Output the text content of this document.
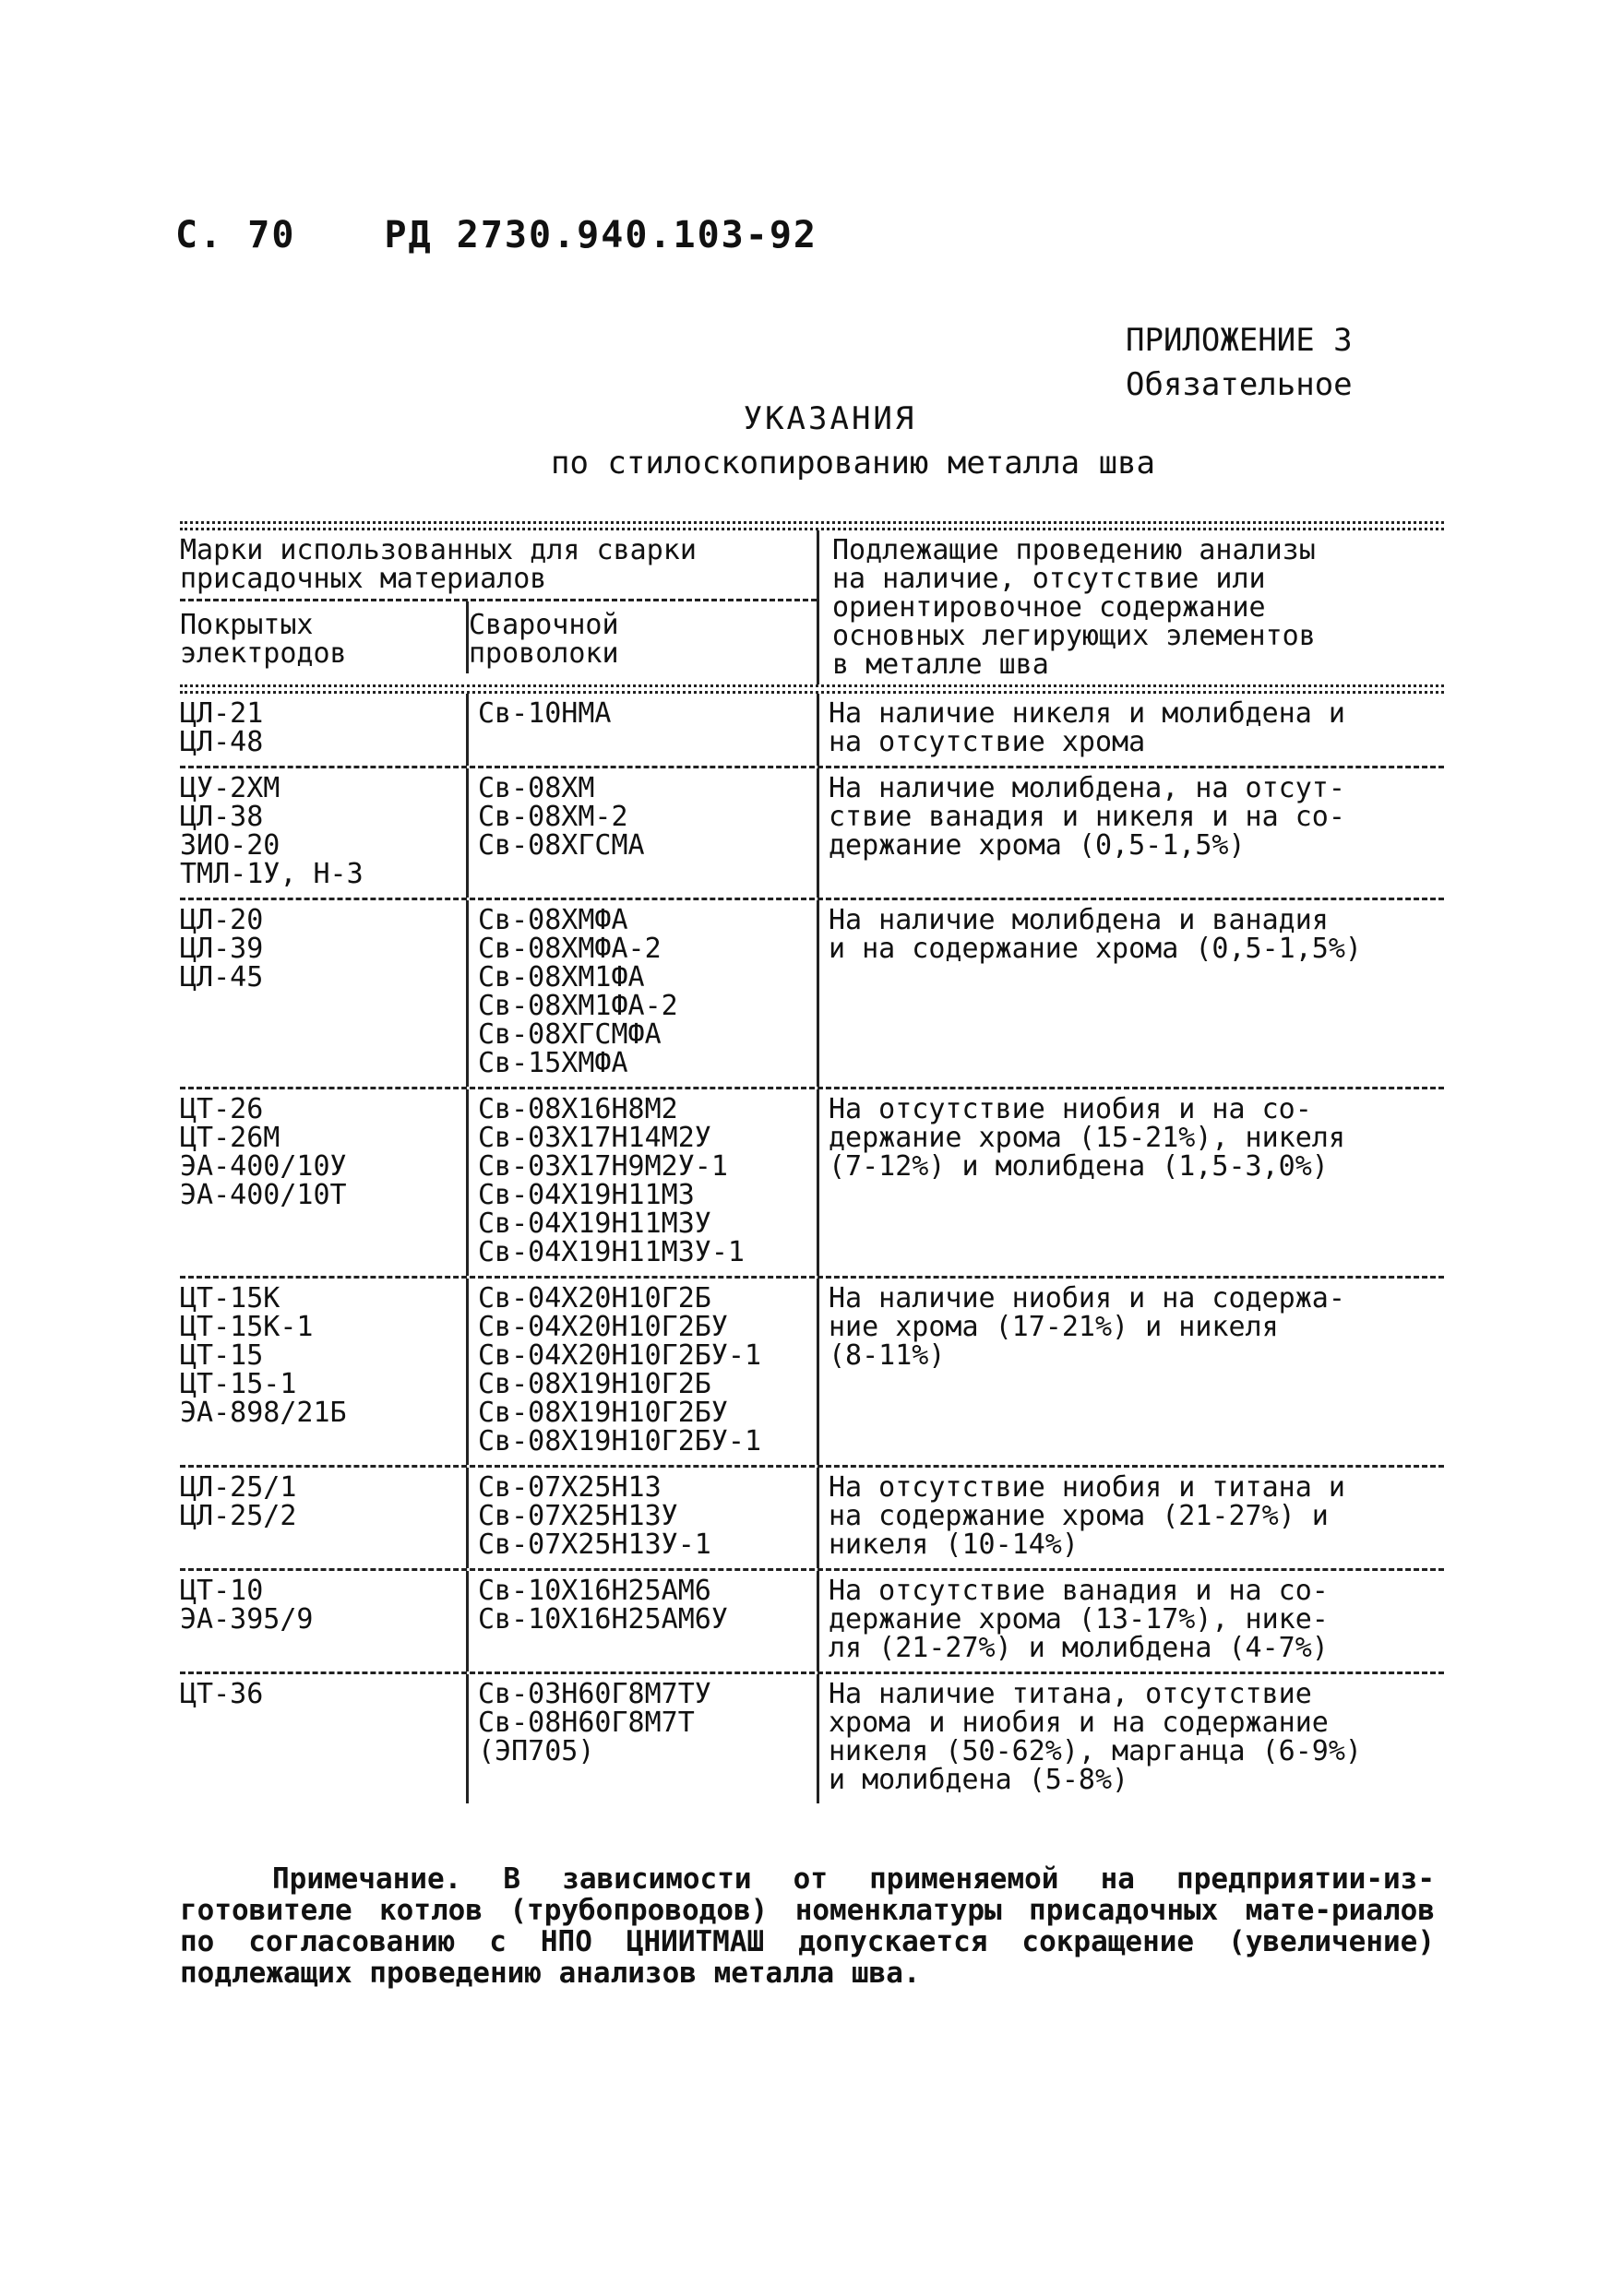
С. 70 РД 2730.940.103-92
ПРИЛОЖЕНИЕ 3
Обязательное
УКАЗАНИЯ
по стилоскопированию металла шва
Марки использованных для сварки
присадочных материалов
Покрытых
электродов
Сварочной
проволоки
Подлежащие проведению анализы
на наличие, отсутствие или
ориентировочное содержание
основных легирующих элементов
в металле шва
ЦЛ-21
ЦЛ-48
Св-10НМА	На наличие никеля и молибдена и
на отсутствие хрома
ЦУ-2ХМ
ЦЛ-38
ЗИО-20
ТМЛ-1У, Н-3
Св-08ХМ
Св-08ХМ-2
Св-08ХГСМА
На наличие молибдена, на отсут-
ствие ванадия и никеля и на со-
держание хрома (0,5-1,5%)
ЦЛ-20
ЦЛ-39
ЦЛ-45
Св-08ХМФА
Св-08ХМФА-2
Св-08ХМ1ФА
Св-08ХМ1ФА-2
Св-08ХГСМФА
Св-15ХМФА
На наличие молибдена и ванадия
и на содержание хрома (0,5-1,5%)
ЦТ-26
ЦТ-26М
ЭА-400/10У
ЭА-400/10Т
Св-08Х16Н8М2
Св-03Х17Н14М2У
Св-03Х17Н9М2У-1
Св-04Х19Н11М3
Св-04Х19Н11М3У
Св-04Х19Н11М3У-1
На отсутствие ниобия и на со-
держание хрома (15-21%), никеля
(7-12%) и молибдена (1,5-3,0%)
ЦТ-15К
ЦТ-15К-1
ЦТ-15
ЦТ-15-1
ЭА-898/21Б
Св-04Х20Н10Г2Б
Св-04Х20Н10Г2БУ
Св-04Х20Н10Г2БУ-1
Св-08Х19Н10Г2Б
Св-08Х19Н10Г2БУ
Св-08Х19Н10Г2БУ-1
На наличие ниобия и на содержа-
ние хрома (17-21%) и никеля
(8-11%)
ЦЛ-25/1
ЦЛ-25/2
Св-07Х25Н13
Св-07Х25Н13У
Св-07Х25Н13У-1
На отсутствие ниобия и титана и
на содержание хрома (21-27%) и
никеля (10-14%)
ЦТ-10
ЭА-395/9
Св-10Х16Н25АМ6
Св-10Х16Н25АМ6У
На отсутствие ванадия и на со-
держание хрома (13-17%), нике-
ля (21-27%) и молибдена (4-7%)
ЦТ-36	Св-03Н60Г8М7ТУ
Св-08Н60Г8М7Т
(ЭП705)
На наличие титана, отсутствие
хрома и ниобия и на содержание
никеля (50-62%), марганца (6-9%)
и молибдена (5-8%)
Примечание. В зависимости от применяемой на предприятии-из-готовителе котлов (трубопроводов) номенклатуры присадочных мате-риалов по согласованию с НПО ЦНИИТМАШ допускается сокращение (увеличение) подлежащих проведению анализов металла шва.
